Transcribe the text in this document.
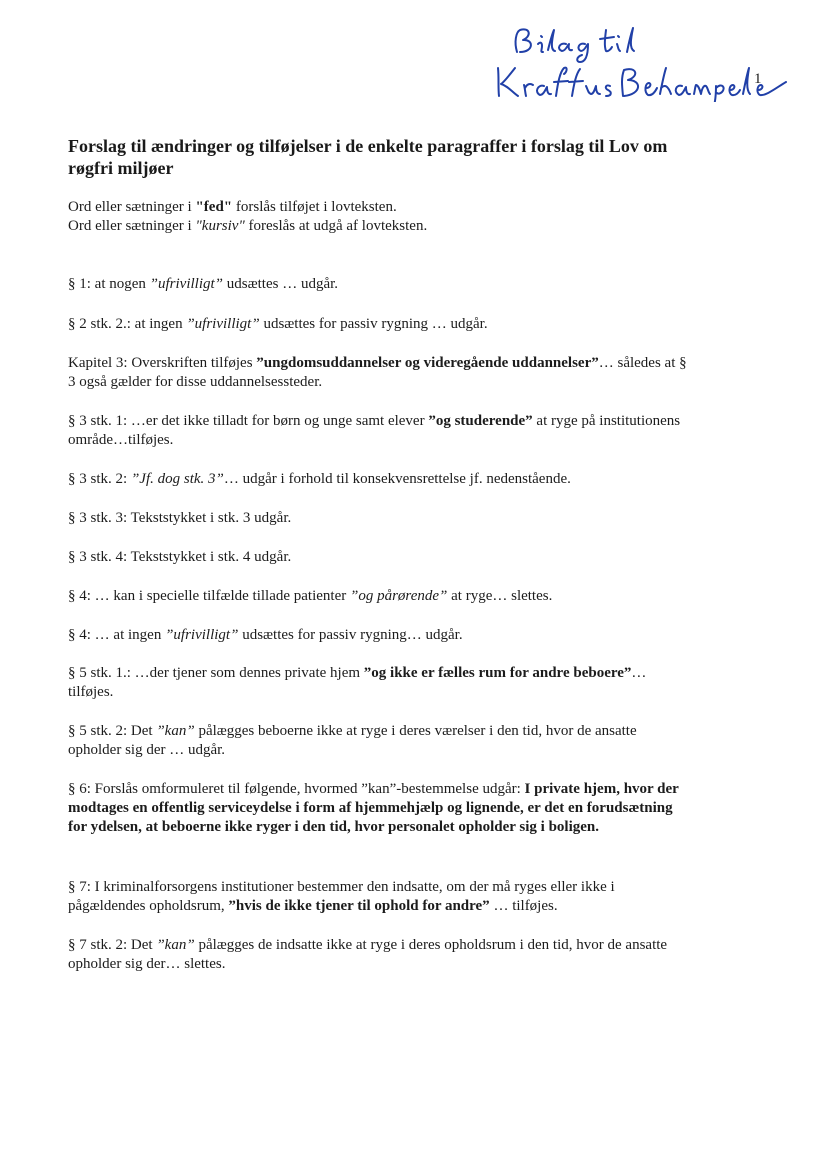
1
Forslag til ændringer og tilføjelser i de enkelte paragraffer i forslag til Lov om røgfri miljøer
Ord eller sætninger i "fed" forslås tilføjet i lovteksten.
Ord eller sætninger i "kursiv" foreslås at udgå af lovteksten.

§ 1: at nogen ”ufrivilligt” udsættes … udgår.

§ 2 stk. 2.: at ingen ”ufrivilligt” udsættes for passiv rygning … udgår.

Kapitel 3: Overskriften tilføjes ”ungdomsuddannelser og videregående uddannelser”… således at § 3 også gælder for disse uddannelsessteder.

§ 3 stk. 1: …er det ikke tilladt for børn og unge samt elever ”og studerende” at ryge på institutionens område…tilføjes.

§ 3 stk. 2: ”Jf. dog stk. 3”… udgår i forhold til konsekvensrettelse jf. nedenstående.

§ 3 stk. 3: Tekststykket i stk. 3 udgår.

§ 3 stk. 4: Tekststykket i stk. 4 udgår.

§ 4: … kan i specielle tilfælde tillade patienter ”og pårørende” at ryge… slettes.

§ 4: … at ingen ”ufrivilligt” udsættes for passiv rygning… udgår.

§ 5 stk. 1.: …der tjener som dennes private hjem ”og ikke er fælles rum for andre beboere”… tilføjes.

§ 5 stk. 2: Det ”kan” pålægges beboerne ikke at ryge i deres værelser i den tid, hvor de ansatte opholder sig der … udgår.

§ 6: Forslås omformuleret til følgende, hvormed ”kan”-bestemmelse udgår: I private hjem, hvor der modtages en offentlig serviceydelse i form af hjemmehjælp og lignende, er det en forudsætning for ydelsen, at beboerne ikke ryger i den tid, hvor personalet opholder sig i boligen.

§ 7: I kriminalforsorgens institutioner bestemmer den indsatte, om der må ryges eller ikke i pågældendes opholdsrum, ”hvis de ikke tjener til ophold for andre” … tilføjes.

§ 7 stk. 2: Det ”kan” pålægges de indsatte ikke at ryge i deres opholdsrum i den tid, hvor de ansatte opholder sig der… slettes.
